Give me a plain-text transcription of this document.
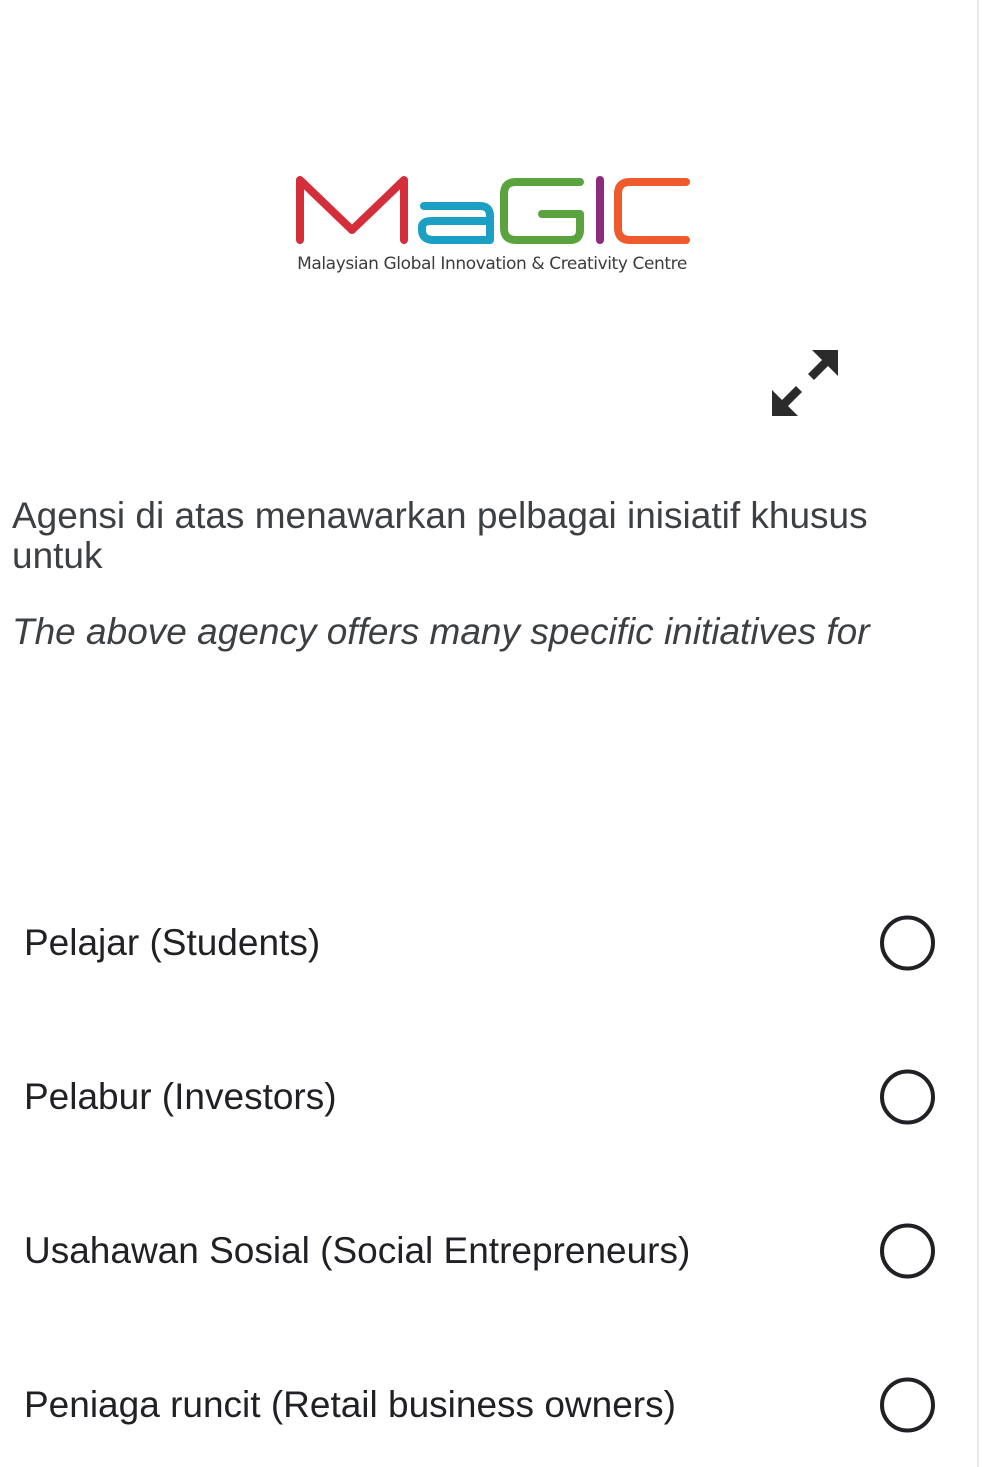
Malaysian Global Innovation & Creativity Centre
Agensi di atas menawarkan pelbagai inisiatif khusus
untuk
The above agency offers many specific initiatives for
Pelajar (Students)
Pelabur (Investors)
Usahawan Sosial (Social Entrepreneurs)
Peniaga runcit (Retail business owners)
